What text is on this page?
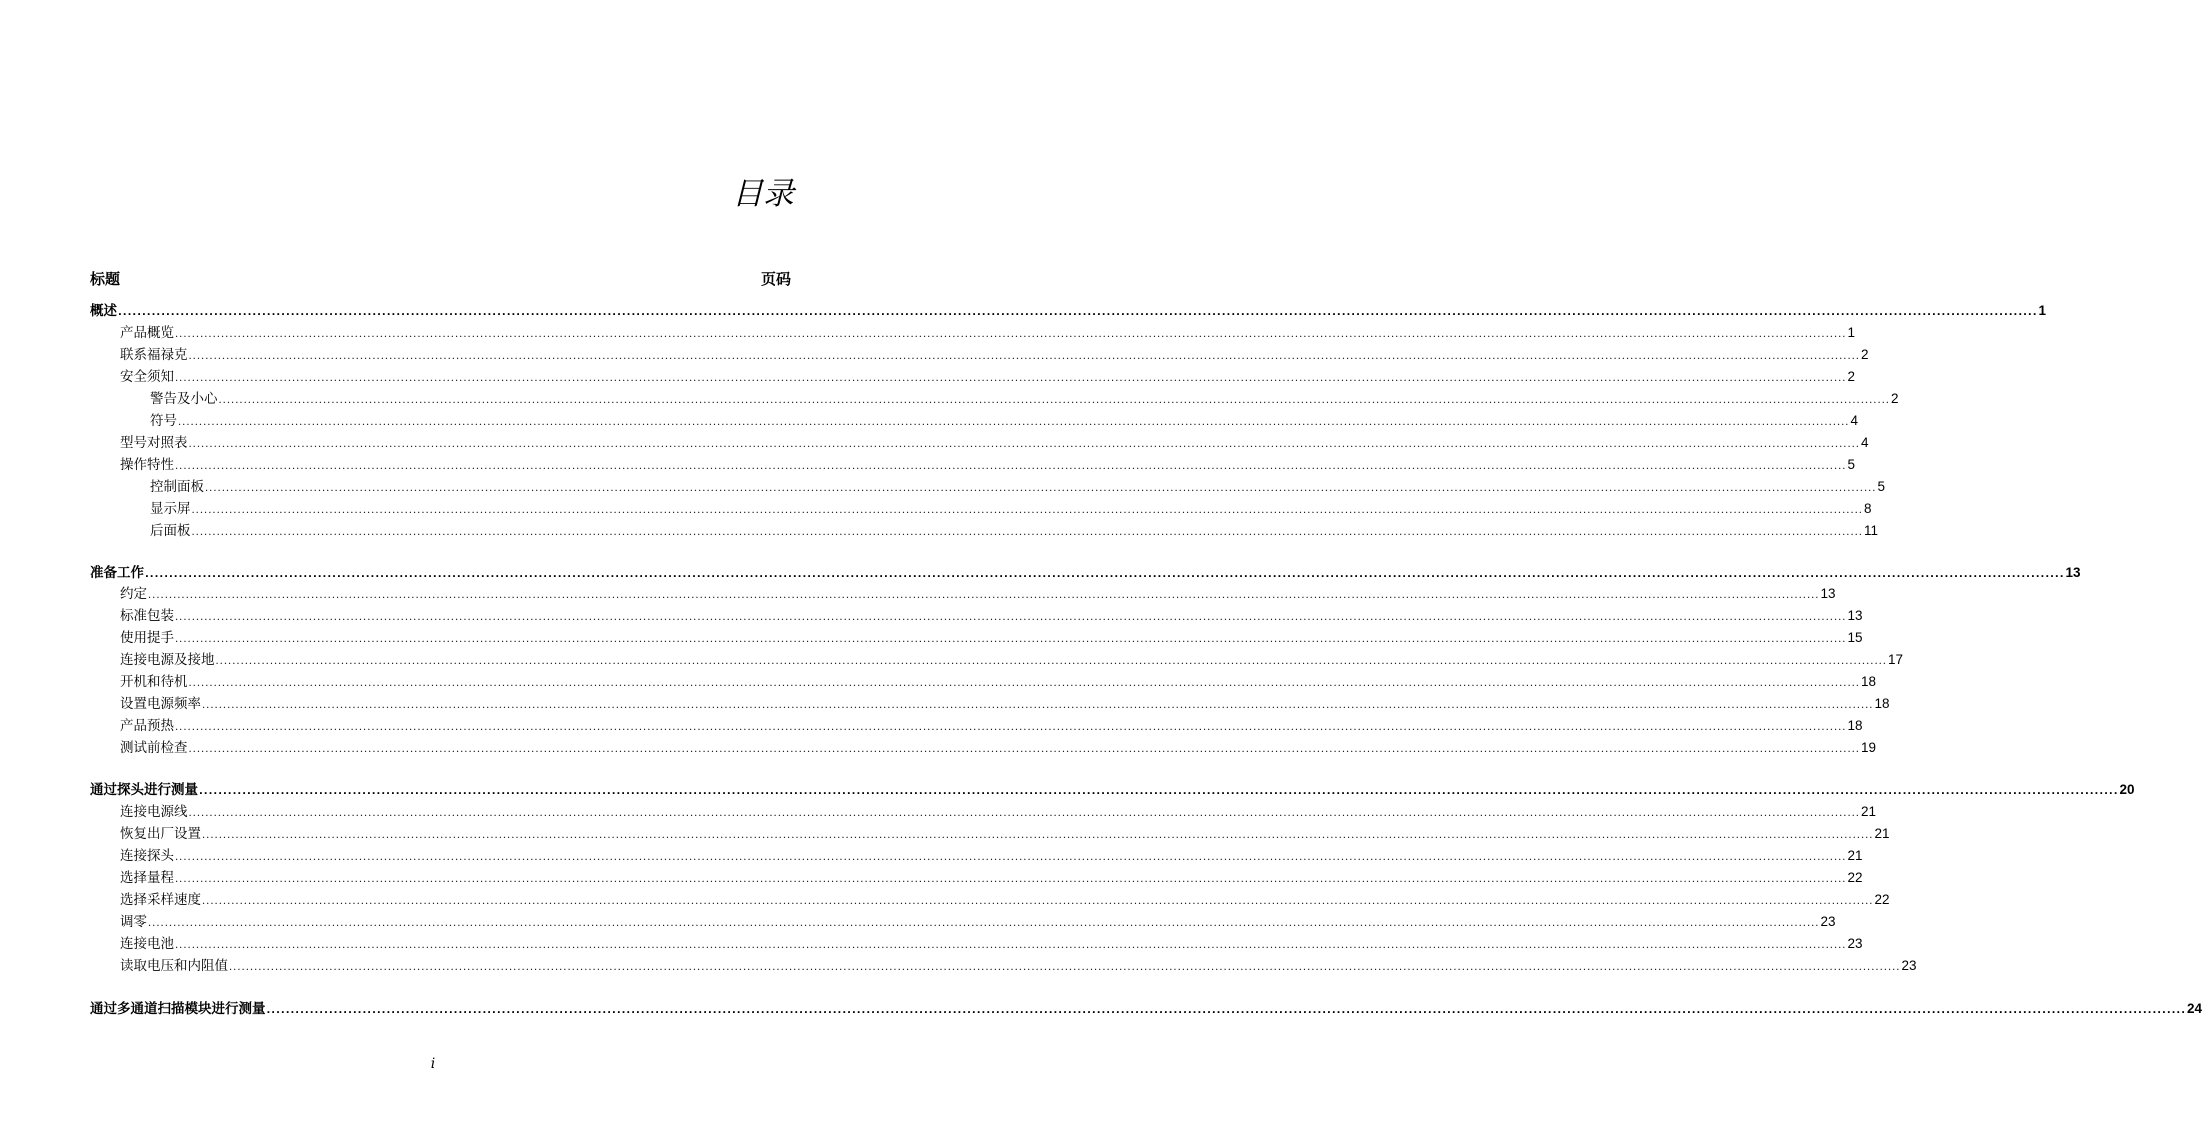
目录
标题	页码
概述 ................................................................................................................................................................................................................................................................................................................................................................................................................ 1
产品概览 ................................................................................................................................................................................................................................................................................................................................................................................................................ 1
联系福禄克 ................................................................................................................................................................................................................................................................................................................................................................................................................ 2
安全须知 ................................................................................................................................................................................................................................................................................................................................................................................................................ 2
警告及小心 ................................................................................................................................................................................................................................................................................................................................................................................................................ 2
符号 ................................................................................................................................................................................................................................................................................................................................................................................................................ 4
型号对照表 ................................................................................................................................................................................................................................................................................................................................................................................................................ 4
操作特性 ................................................................................................................................................................................................................................................................................................................................................................................................................ 5
控制面板 ................................................................................................................................................................................................................................................................................................................................................................................................................ 5
显示屏 ................................................................................................................................................................................................................................................................................................................................................................................................................ 8
后面板 ................................................................................................................................................................................................................................................................................................................................................................................................................ 11
准备工作 ................................................................................................................................................................................................................................................................................................................................................................................................................ 13
约定 ................................................................................................................................................................................................................................................................................................................................................................................................................ 13
标准包装 ................................................................................................................................................................................................................................................................................................................................................................................................................ 13
使用提手 ................................................................................................................................................................................................................................................................................................................................................................................................................ 15
连接电源及接地 ................................................................................................................................................................................................................................................................................................................................................................................................................ 17
开机和待机 ................................................................................................................................................................................................................................................................................................................................................................................................................ 18
设置电源频率 ................................................................................................................................................................................................................................................................................................................................................................................................................ 18
产品预热 ................................................................................................................................................................................................................................................................................................................................................................................................................ 18
测试前检查 ................................................................................................................................................................................................................................................................................................................................................................................................................ 19
通过探头进行测量 ................................................................................................................................................................................................................................................................................................................................................................................................................ 20
连接电源线 ................................................................................................................................................................................................................................................................................................................................................................................................................ 21
恢复出厂设置 ................................................................................................................................................................................................................................................................................................................................................................................................................ 21
连接探头 ................................................................................................................................................................................................................................................................................................................................................................................................................ 21
选择量程 ................................................................................................................................................................................................................................................................................................................................................................................................................ 22
选择采样速度 ................................................................................................................................................................................................................................................................................................................................................................................................................ 22
调零 ................................................................................................................................................................................................................................................................................................................................................................................................................ 23
连接电池 ................................................................................................................................................................................................................................................................................................................................................................................................................ 23
读取电压和内阻值 ................................................................................................................................................................................................................................................................................................................................................................................................................ 23
通过多通道扫描模块进行测量 ................................................................................................................................................................................................................................................................................................................................................................................................................ 24
i
